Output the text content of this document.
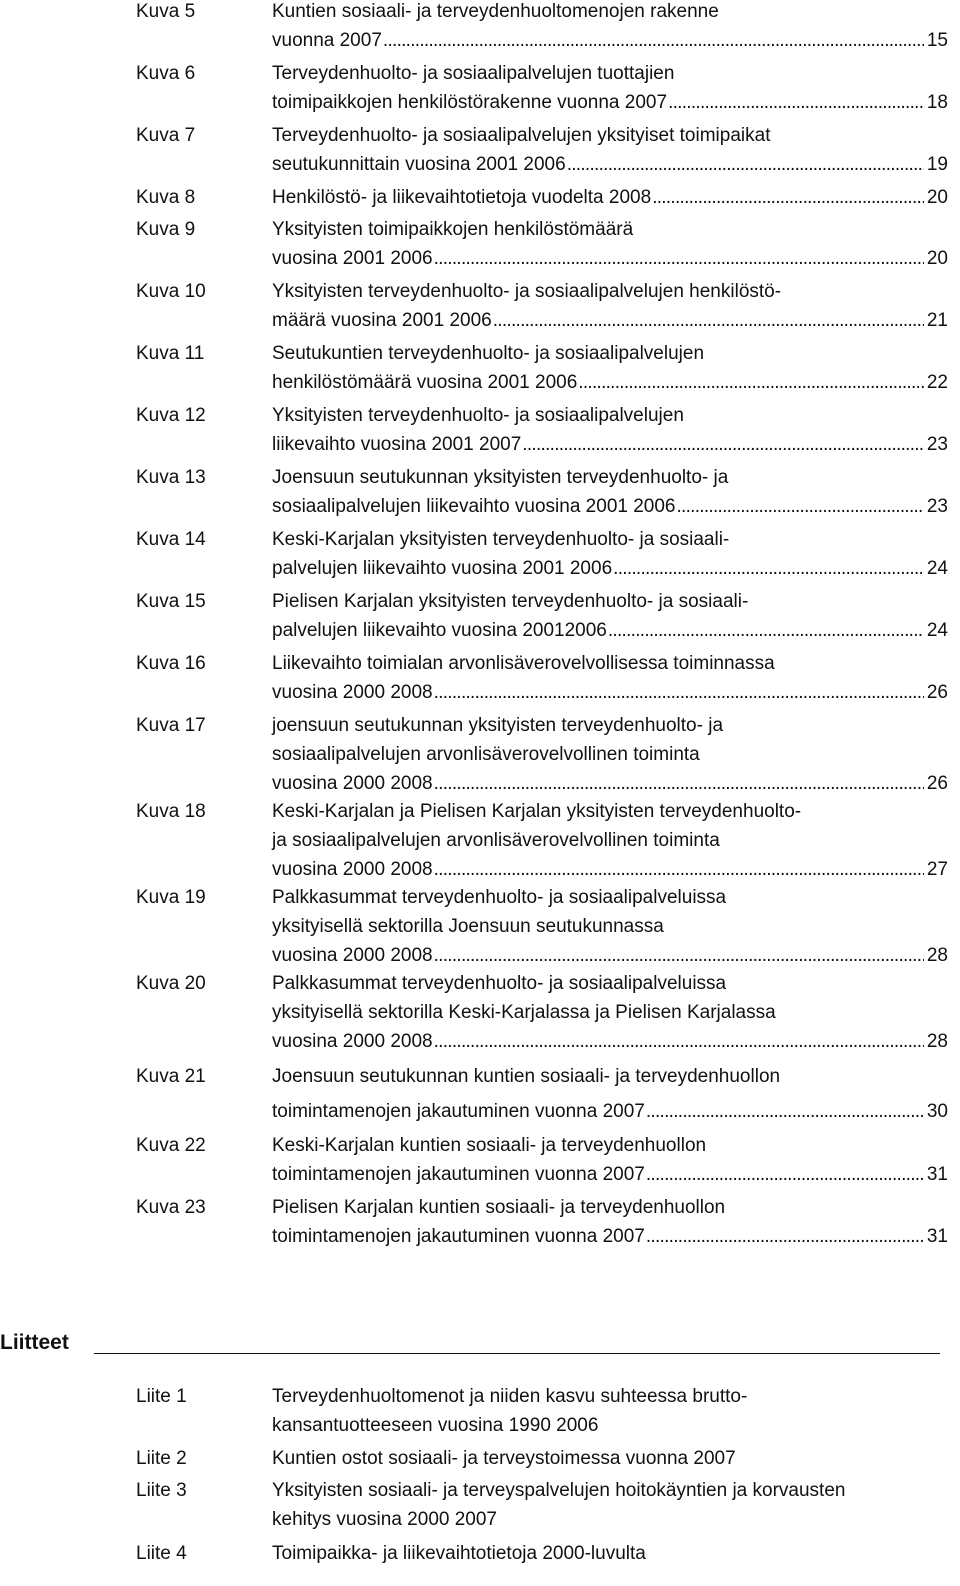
Kuva 5	Kuntien sosiaali- ja terveydenhuoltomenojen rakenne
vuonna 2007 . . .	15
Kuva 6	Terveydenhuolto- ja sosiaalipalvelujen tuottajien
toimipaikkojen henkilöstörakenne vuonna 2007 . . .	18
Kuva 7	Terveydenhuolto- ja sosiaalipalvelujen yksityiset toimipaikat
seutukunnittain vuosina 2001 2006 . . .	19
Kuva 8	Henkilöstö- ja liikevaihtotietoja vuodelta 2008 . . .	20
Kuva 9	Yksityisten toimipaikkojen henkilöstömäärä
vuosina 2001 2006 . . .	20
Kuva 10	Yksityisten terveydenhuolto- ja sosiaalipalvelujen henkilöstö-
määrä vuosina 2001 2006 . . .	21
Kuva 11	Seutukuntien terveydenhuolto- ja sosiaalipalvelujen
henkilöstömäärä vuosina 2001 2006 . . .	22
Kuva 12	Yksityisten terveydenhuolto- ja sosiaalipalvelujen
liikevaihto vuosina 2001 2007 . . .	23
Kuva 13	Joensuun seutukunnan yksityisten terveydenhuolto- ja
sosiaalipalvelujen liikevaihto vuosina 2001 2006 . . .	23
Kuva 14	Keski-Karjalan yksityisten terveydenhuolto- ja sosiaali-
palvelujen liikevaihto vuosina 2001 2006 . . .	24
Kuva 15	Pielisen Karjalan yksityisten terveydenhuolto- ja sosiaali-
palvelujen liikevaihto vuosina 20012006 . . .	24
Kuva 16	Liikevaihto toimialan arvonlisäverovelvollisessa toiminnassa
vuosina 2000 2008 . . .	26
Kuva 17	joensuun seutukunnan yksityisten terveydenhuolto- ja
sosiaalipalvelujen arvonlisäverovelvollinen toiminta
vuosina 2000 2008 . . .	26
Kuva 18	Keski-Karjalan ja Pielisen Karjalan yksityisten terveydenhuolto-
ja sosiaalipalvelujen arvonlisäverovelvollinen toiminta
vuosina 2000 2008 . . .	27
Kuva 19	Palkkasummat terveydenhuolto- ja sosiaalipalveluissa
yksityisellä sektorilla Joensuun seutukunnassa
vuosina 2000 2008 . . .	28
Kuva 20	Palkkasummat terveydenhuolto- ja sosiaalipalveluissa
yksityisellä sektorilla Keski-Karjalassa ja Pielisen Karjalassa
vuosina 2000 2008 . . .	28
Kuva 21	Joensuun seutukunnan kuntien sosiaali- ja terveydenhuollon
toimintamenojen jakautuminen vuonna 2007 . . .	30
Kuva 22	Keski-Karjalan kuntien sosiaali- ja terveydenhuollon
toimintamenojen jakautuminen vuonna 2007 . . .	31
Kuva 23	Pielisen Karjalan kuntien sosiaali- ja terveydenhuollon
toimintamenojen jakautuminen vuonna 2007 . . .	31
Liitteet
Liite 1	Terveydenhuoltomenot ja niiden kasvu suhteessa brutto-
kansantuotteeseen vuosina 1990 2006
Liite 2	Kuntien ostot sosiaali- ja terveystoimessa vuonna 2007
Liite 3	Yksityisten sosiaali- ja terveyspalvelujen hoitokäyntien ja korvausten
kehitys vuosina 2000 2007
Liite 4	Toimipaikka- ja liikevaihtotietoja 2000-luvulta
